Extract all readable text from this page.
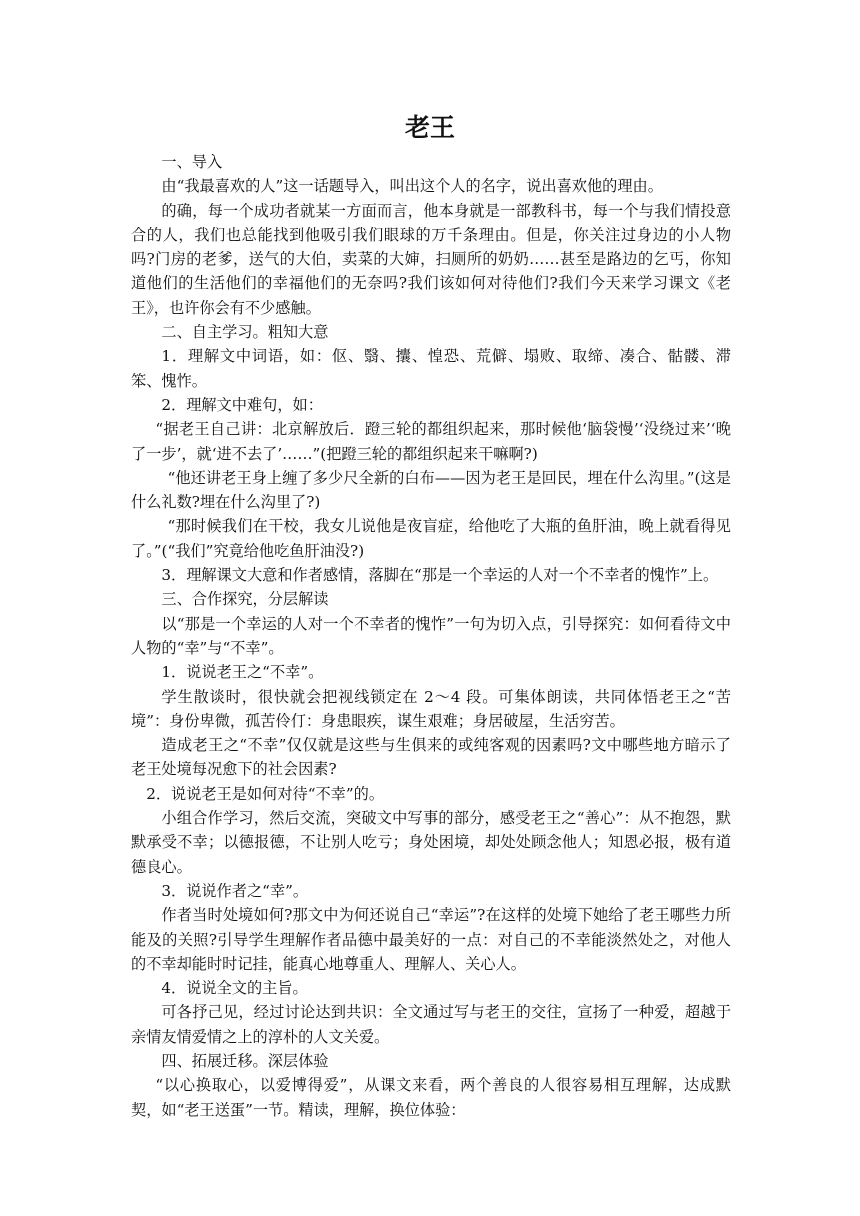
老王

一、导入

由“我最喜欢的人”这一话题导入，叫出这个人的名字，说出喜欢他的理由。

的确，每一个成功者就某一方面而言，他本身就是一部教科书，每一个与我们情投意合的人，我们也总能找到他吸引我们眼球的万千条理由。但是，你关注过身边的小人物吗?门房的老爹，送气的大伯，卖菜的大婶，扫厕所的奶奶……甚至是路边的乞丐，你知道他们的生活他们的幸福他们的无奈吗?我们该如何对待他们?我们今天来学习课文《老王》，也许你会有不少感触。

二、自主学习。粗知大意

1．理解文中词语，如：伛、翳、攮、惶恐、荒僻、塌败、取缔、凑合、骷髅、滞笨、愧怍。

2．理解文中难句，如：

“据老王自己讲：北京解放后．蹬三轮的都组织起来，那时候他‘脑袋慢’‘没绕过来’‘晚了一步’，就‘进不去了’……”(把蹬三轮的都组织起来干嘛啊?)

“他还讲老王身上缠了多少尺全新的白布——因为老王是回民，埋在什么沟里。”(这是什么礼数?埋在什么沟里了?)

“那时候我们在干校，我女儿说他是夜盲症，给他吃了大瓶的鱼肝油，晚上就看得见了。”(“我们”究竟给他吃鱼肝油没?)

3．理解课文大意和作者感情，落脚在“那是一个幸运的人对一个不幸者的愧怍”上。

三、合作探究，分层解读

以“那是一个幸运的人对一个不幸者的愧怍”一句为切入点，引导探究：如何看待文中人物的“幸”与“不幸”。

1．说说老王之“不幸”。

学生散谈时，很快就会把视线锁定在 2～4 段。可集体朗读，共同体悟老王之“苦境”：身份卑微，孤苦伶仃：身患眼疾，谋生艰难；身居破屋，生活穷苦。

造成老王之“不幸”仅仅就是这些与生俱来的或纯客观的因素吗?文中哪些地方暗示了老王处境每况愈下的社会因素?

2．说说老王是如何对待“不幸”的。

小组合作学习，然后交流，突破文中写事的部分，感受老王之“善心”：从不抱怨，默默承受不幸；以德报德，不让别人吃亏；身处困境，却处处顾念他人；知恩必报，极有道德良心。

3．说说作者之“幸”。

作者当时处境如何?那文中为何还说自己“幸运”?在这样的处境下她给了老王哪些力所能及的关照?引导学生理解作者品德中最美好的一点：对自己的不幸能淡然处之，对他人的不幸却能时时记挂，能真心地尊重人、理解人、关心人。

4．说说全文的主旨。

可各抒己见，经过讨论达到共识：全文通过写与老王的交往，宣扬了一种爱，超越于亲情友情爱情之上的淳朴的人文关爱。

四、拓展迁移。深层体验

“以心换取心，以爱博得爱”，从课文来看，两个善良的人很容易相互理解，达成默契，如“老王送蛋”一节。精读，理解，换位体验：
